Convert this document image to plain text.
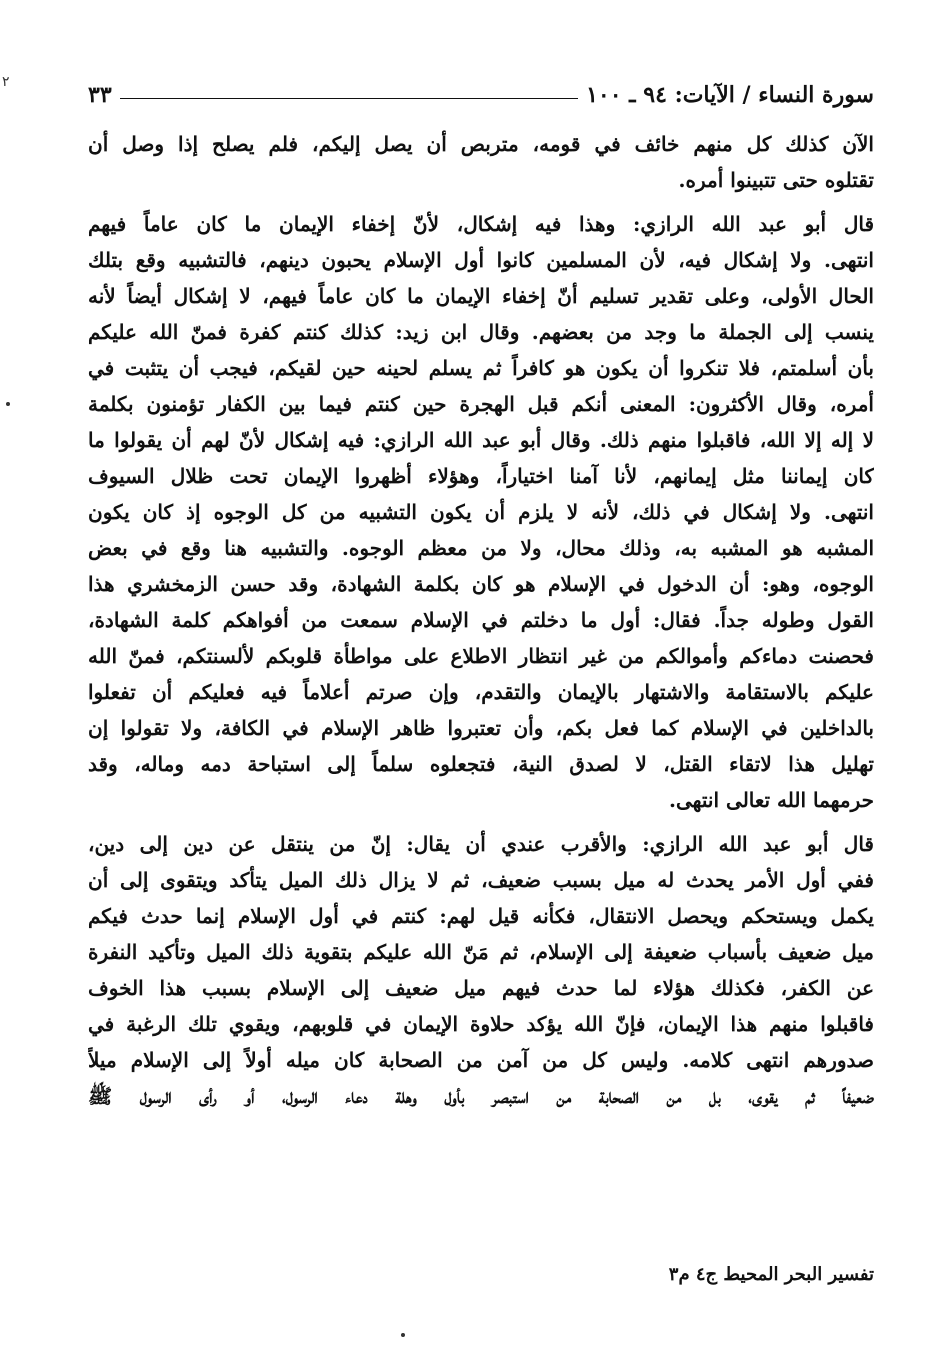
٢	سورة النساء / الآيات: ٩٤ ـ ١٠٠
٣٣
الآن كذلك كل منهم خائف في قومه، متربص أن يصل إليكم، فلم يصلح إذا وصل أن
تقتلوه حتى تتبينوا أمره.
قال أبو عبد الله الرازي: وهذا فيه إشكال، لأنّ إخفاء الإيمان ما كان عاماً فيهم
انتهى. ولا إشكال فيه، لأن المسلمين كانوا أول الإسلام يحبون دينهم، فالتشبيه وقع بتلك
الحال الأولى، وعلى تقدير تسليم أنّ إخفاء الإيمان ما كان عاماً فيهم، لا إشكال أيضاً لأنه
ينسب إلى الجملة ما وجد من بعضهم. وقال ابن زيد: كذلك كنتم كفرة فمنّ الله عليكم
بأن أسلمتم، فلا تنكروا أن يكون هو كافراً ثم يسلم لحينه حين لقيكم، فيجب أن يتثبت في
أمره، وقال الأكثرون: المعنى أنكم قبل الهجرة حين كنتم فيما بين الكفار تؤمنون بكلمة
لا إله إلا الله، فاقبلوا منهم ذلك. وقال أبو عبد الله الرازي: فيه إشكال لأنّ لهم أن يقولوا ما
كان إيماننا مثل إيمانهم، لأنا آمنا اختياراً، وهؤلاء أظهروا الإيمان تحت ظلال السيوف
انتهى. ولا إشكال في ذلك، لأنه لا يلزم أن يكون التشبيه من كل الوجوه إذ كان يكون
المشبه هو المشبه به، وذلك محال، ولا من معظم الوجوه. والتشبيه هنا وقع في بعض
الوجوه، وهو: أن الدخول في الإسلام هو كان بكلمة الشهادة، وقد حسن الزمخشري هذا
القول وطوله جداً. فقال: أول ما دخلتم في الإسلام سمعت من أفواهكم كلمة الشهادة،
فحصنت دماءكم وأموالكم من غير انتظار الاطلاع على مواطأة قلوبكم لألسنتكم، فمنّ الله
عليكم بالاستقامة والاشتهار بالإيمان والتقدم، وإن صرتم أعلاماً فيه فعليكم أن تفعلوا
بالداخلين في الإسلام كما فعل بكم، وأن تعتبروا ظاهر الإسلام في الكافة، ولا تقولوا إن
تهليل هذا لاتقاء القتل، لا لصدق النية، فتجعلوه سلماً إلى استباحة دمه وماله، وقد
حرمهما الله تعالى انتهى.
قال أبو عبد الله الرازي: والأقرب عندي أن يقال: إنّ من ينتقل عن دين إلى دين،
ففي أول الأمر يحدث له ميل بسبب ضعيف، ثم لا يزال ذلك الميل يتأكد ويتقوى إلى أن
يكمل ويستحكم ويحصل الانتقال، فكأنه قيل لهم: كنتم في أول الإسلام إنما حدث فيكم
ميل ضعيف بأسباب ضعيفة إلى الإسلام، ثم مَنّ الله عليكم بتقوية ذلك الميل وتأكيد النفرة
عن الكفر، فكذلك هؤلاء لما حدث فيهم ميل ضعيف إلى الإسلام بسبب هذا الخوف
فاقبلوا منهم هذا الإيمان، فإنّ الله يؤكد حلاوة الإيمان في قلوبهم، ويقوي تلك الرغبة في
صدورهم انتهى كلامه. وليس كل من آمن من الصحابة كان ميله أولاً إلى الإسلام ميلاً
ضعيفاً ثم يقوى، بل من الصحابة من استبصر بأول وهلة دعاء الرسول، أو رأى الرسول ﷺ
تفسير البحر المحيط ج٤ م٣
